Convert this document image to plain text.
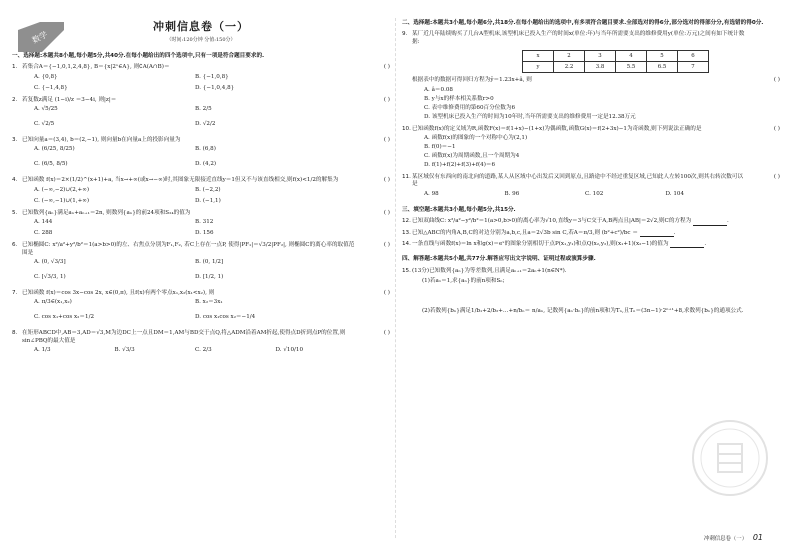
数学
冲刺信息卷（一）
（时间:120分钟 分值:150分）
一、选择题:本题共8小题,每小题5分,共40分.在每小题给出的四个选项中,只有一项是符合题目要求的.
1. 若集合A＝{−1,0,1,2,4,8}, B＝{x|2ˣ∈A}, 则∁A(A∩B)＝	( )
A. {0,8}	B. {−1,0,8}
C. {−1,4,8}	D. {−1,0,4,8}
2. 若复数z满足 (1−i)/z ＝3−4i, 则|z|＝	( )
A. √5/25	B. 2/5
C. √2/5	D. √2/2
3. 已知向量a＝(3,4), b＝(2,−1), 则向量b在向量a上的投影向量为	( )
A. (6/25, 8/25)	B. (6,8)
C. (6/5, 8/5)	D. (4,2)
4. 已知函数 f(x)＝2×(1/2)^(x+1)+a, 当x→+∞(或x→−∞)时,其图象无限接近直线y＝1但又不与该直线相交,则f(x)<1/2的解集为	( )
A. (−∞,−2)∪(2,+∞)	B. (−2,2)
C. (−∞,−1)∪(1,+∞)	D. (−1,1)
5. 已知数列{aₙ}满足aₙ+aₙ₊₁＝2n, 则数列{aₙ}的前24项和S₂₄的值为	( )
A. 144	B. 312
C. 288	D. 156
6. 已知椭圆C: x²/a²+y²/b²＝1(a>b>0)的左、右焦点分别为F₁,F₂, 若C上存在一点P, 使得|PF₁|＝√3/2|PF₂|, 则椭圆C的离心率的取值范围是
( )
A. (0, √3/3]	B. (0, 1/2]
C. [√3/3, 1)	D. [1/2, 1)
7. 已知函数 f(x)＝cos 3x−cos 2x, x∈(0,π), 且f(x)有两个零点x₁,x₂(x₁<x₂), 则	( )
A. π/3∈(x₁,x₂)	B. x₂＝3x₁
C. cos x₁+cos x₂＝1/2	D. cos x₁cos x₂＝−1/4
8. 在矩形ABCD中,AB＝3,AD＝√3,M为边DC上一点且DM＝1,AM与BD交于点Q,将△ADM沿着AM折起,使得点D折到点P的位置,则sin∠PBQ的最大值是
( )
A. 1/3	B. √3/3	C. 2/3	D. √10/10
二、选择题:本题共3小题,每小题6分,共18分.在每小题给出的选项中,有多项符合题目要求.全部选对的得6分,部分选对的得部分分,有选错的得0分.
9. 某厂近几年陆续购买了几台A型机床,该型机床已投入生产的时间x(单位:年)与当年所需要支出的维修费用y(单位:万元)之间有如下统计数据:
x	2	3	4	5	6
y	2.2	3.8	5.5	6.5	7
根据表中的数据可得回归方程为ŷ＝1.23x+â, 则	( )
A. â＝0.08
B. y与x的样本相关系数r>0
C. 表中维修费用的第60百分位数为6
D. 该型机床已投入生产的时间为10年时,当年所需要支出的维修费用一定是12.38万元
10. 已知函数f(x)的定义域为R,函数F(x)＝f(1+x)−(1+x)为偶函数,函数G(x)＝f(2+3x)−1为奇函数,则下列说法正确的是	( )
A. 函数f(x)的图象的一个对称中心为(2,1)
B. f(0)＝−1
C. 函数f(x)为周期函数,且一个周期为4
D. f(1)+f(2)+f(3)+f(4)＝6
11. 某区域仅有东西向的南北向的道路,某人从区域中心出发后又回到原点,且路途中不经过重复区域,已知此人左转100次,则其右转次数可以是
( )
A. 98	B. 96	C. 102	D. 104
三、填空题:本题共3小题,每小题5分,共15分.
12. 已知双曲线C: x²/a²−y²/b²＝1(a>0,b>0)的离心率为√10,直线y＝3与C交于A,B两点且|AB|＝2√2,则C的方程为	.
13. 已知△ABC的内角A,B,C的对边分别为a,b,c,且a＝2√3b sin C,若A＝π/3,则 (b²+c²)/bc ＝	.
14. 一条直线与函数f(x)＝ln x和g(x)＝eˣ的图象分别相切于点P(x₁,y₁)和点Q(x₂,y₂),则(x₁+1)(x₂−1)的值为	.
四、解答题:本题共5小题,共77分.解答应写出文字说明、证明过程或演算步骤.
15. (13分)已知数列{aₙ}为等差数列,且满足aₙ₊₁＝2aₙ+1(n∈N*).
(1)若a₁＝1,求{aₙ}的前n项和Sₙ;
(2)若数列{bₙ}满足1/b₁+2/b₂+…+n/bₙ＝ n/aₙ, 记数列{aₙ·bₙ}的前n项和为Tₙ,且Tₙ＝(3n−1)·2ⁿ⁺¹+8,求数列{bₙ}的通项公式.
冲刺信息卷（一） 01
